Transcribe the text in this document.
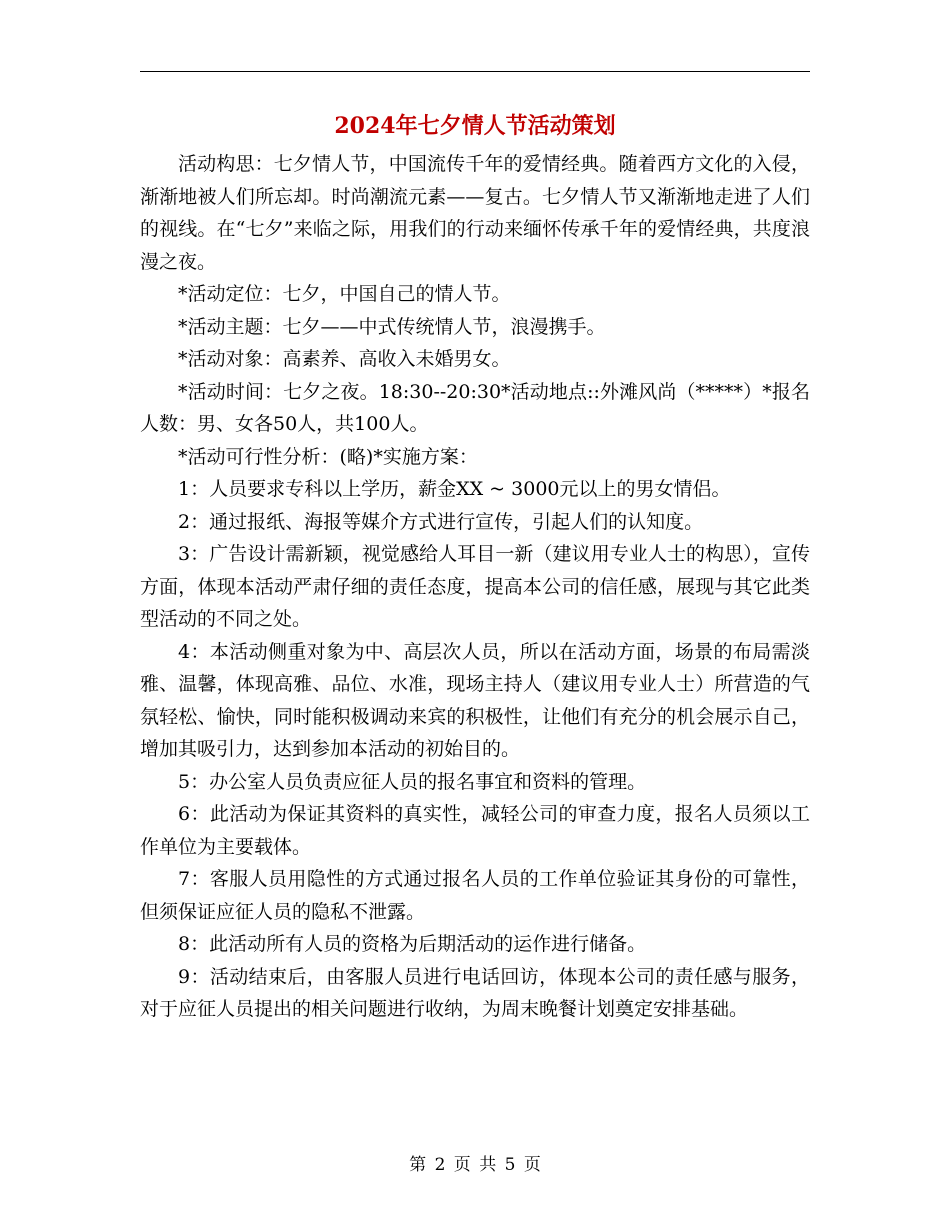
2024年七夕情人节活动策划

活动构思：七夕情人节，中国流传千年的爱情经典。随着西方文化的入侵，渐渐地被人们所忘却。时尚潮流元素——复古。七夕情人节又渐渐地走进了人们的视线。在“七夕”来临之际，用我们的行动来缅怀传承千年的爱情经典，共度浪漫之夜。

*活动定位：七夕，中国自己的情人节。

*活动主题：七夕——中式传统情人节，浪漫携手。

*活动对象：高素养、高收入未婚男女。

*活动时间：七夕之夜。18:30--20:30*活动地点::外滩风尚（*****）*报名人数：男、女各50人，共100人。

*活动可行性分析：(略)*实施方案：

1：人员要求专科以上学历，薪金XX ~ 3000元以上的男女情侣。

2：通过报纸、海报等媒介方式进行宣传，引起人们的认知度。

3：广告设计需新颖，视觉感给人耳目一新（建议用专业人士的构思），宣传方面，体现本活动严肃仔细的责任态度，提高本公司的信任感，展现与其它此类型活动的不同之处。

4：本活动侧重对象为中、高层次人员，所以在活动方面，场景的布局需淡雅、温馨，体现高雅、品位、水准，现场主持人（建议用专业人士）所营造的气氛轻松、愉快，同时能积极调动来宾的积极性，让他们有充分的机会展示自己，增加其吸引力，达到参加本活动的初始目的。

5：办公室人员负责应征人员的报名事宜和资料的管理。

6：此活动为保证其资料的真实性，减轻公司的审查力度，报名人员须以工作单位为主要载体。

7：客服人员用隐性的方式通过报名人员的工作单位验证其身份的可靠性，但须保证应征人员的隐私不泄露。

8：此活动所有人员的资格为后期活动的运作进行储备。

9：活动结束后，由客服人员进行电话回访，体现本公司的责任感与服务，对于应征人员提出的相关问题进行收纳，为周末晚餐计划奠定安排基础。

第 2 页 共 5 页
